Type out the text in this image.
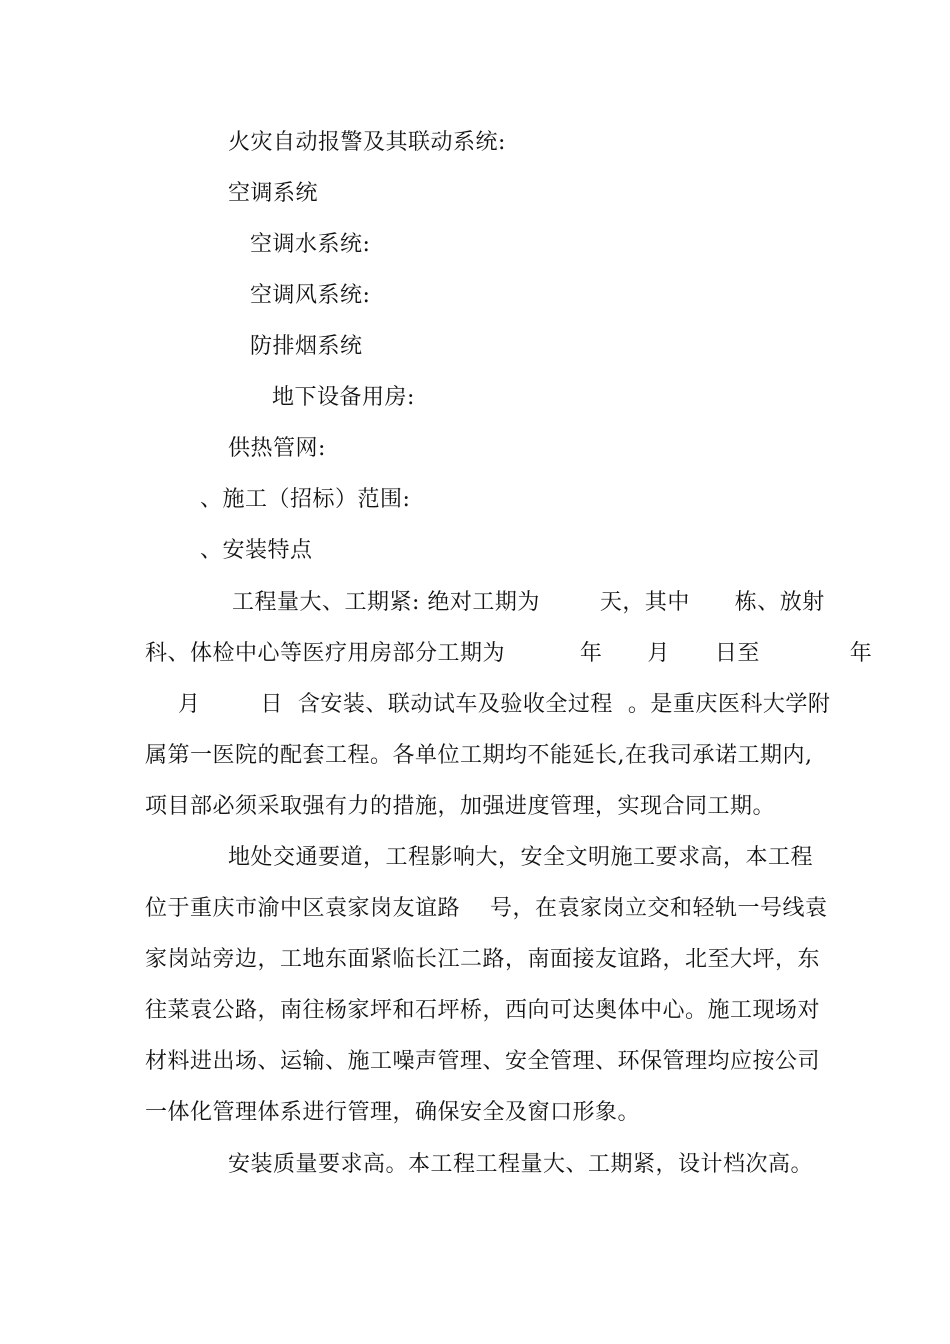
火灾自动报警及其联动系统:
空调系统
空调水系统:
空调风系统:
防排烟系统
地下设备用房:
供热管网:
、施工（招标）范围:
、安装特点
工程量大、工期紧: 绝对工期为        天，其中      栋、放射
科、体检中心等医疗用房部分工期为          年      月      日至            年
月        日  含安装、联动试车及验收全过程  。是重庆医科大学附
属第一医院的配套工程。各单位工期均不能延长,在我司承诺工期内,
项目部必须采取强有力的措施，加强进度管理，实现合同工期。
地处交通要道，工程影响大，安全文明施工要求高，本工程
位于重庆市渝中区袁家岗友谊路    号，在袁家岗立交和轻轨一号线袁
家岗站旁边，工地东面紧临长江二路，南面接友谊路，北至大坪，东
往菜袁公路，南往杨家坪和石坪桥，西向可达奥体中心。施工现场对
材料进出场、运输、施工噪声管理、安全管理、环保管理均应按公司
一体化管理体系进行管理，确保安全及窗口形象。
安装质量要求高。本工程工程量大、工期紧，设计档次高。
